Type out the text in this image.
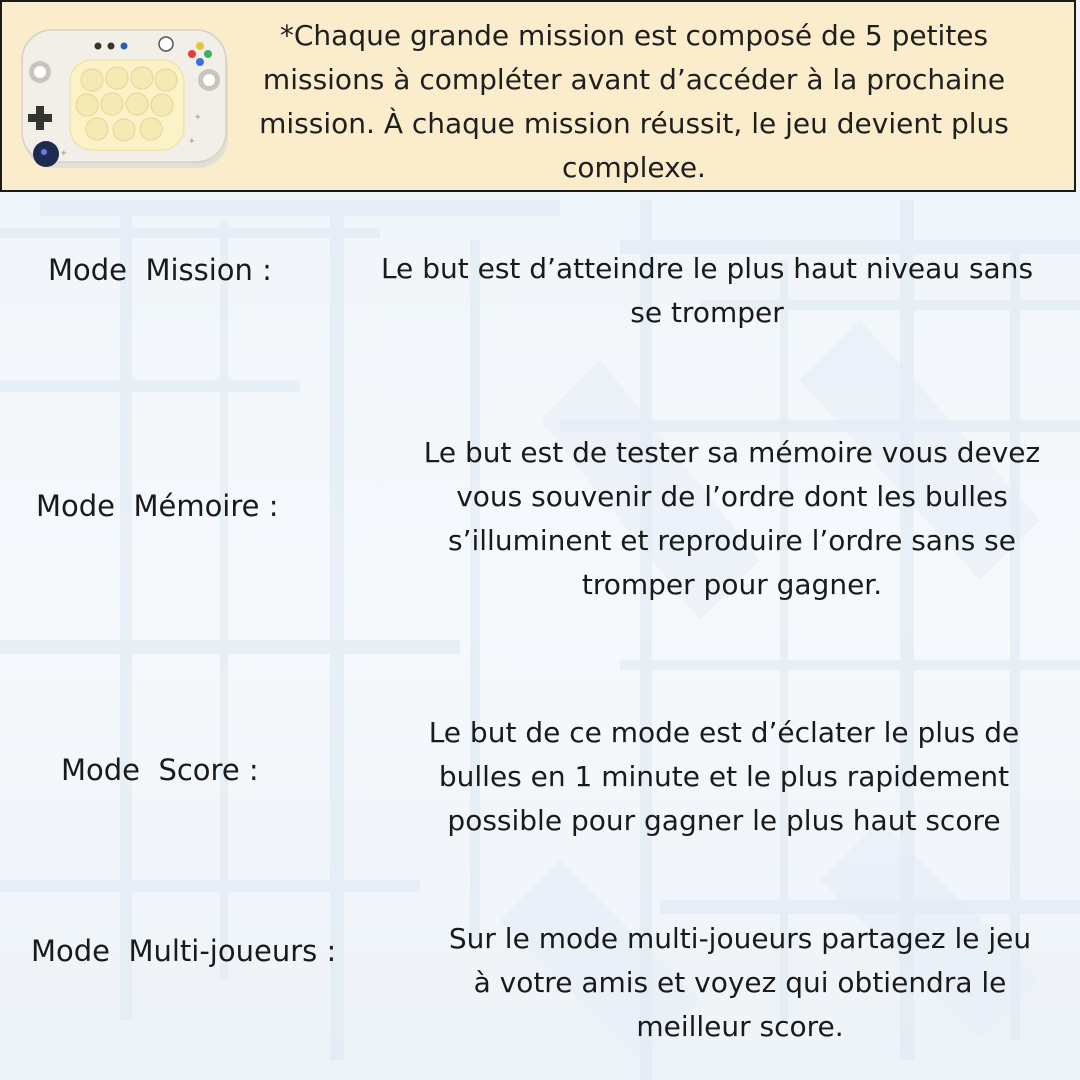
✦
✦
✦
*Chaque grande mission est composé de 5 petites missions à compléter avant d’accéder à la prochaine mission. À chaque mission réussit, le jeu devient plus complexe.
Mode  Mission :	Le but est d’atteindre le plus haut niveau sans se tromper
Mode  Mémoire :
Le but est de tester sa mémoire vous devez vous souvenir de l’ordre dont les bulles s’illuminent et reproduire l’ordre sans se tromper pour gagner.
Mode  Score :
Le but de ce mode est d’éclater le plus de bulles en 1 minute et le plus rapidement possible pour gagner le plus haut score
Mode  Multi-joueurs :	Sur le mode multi-joueurs partagez le jeu à votre amis et voyez qui obtiendra le meilleur score.
